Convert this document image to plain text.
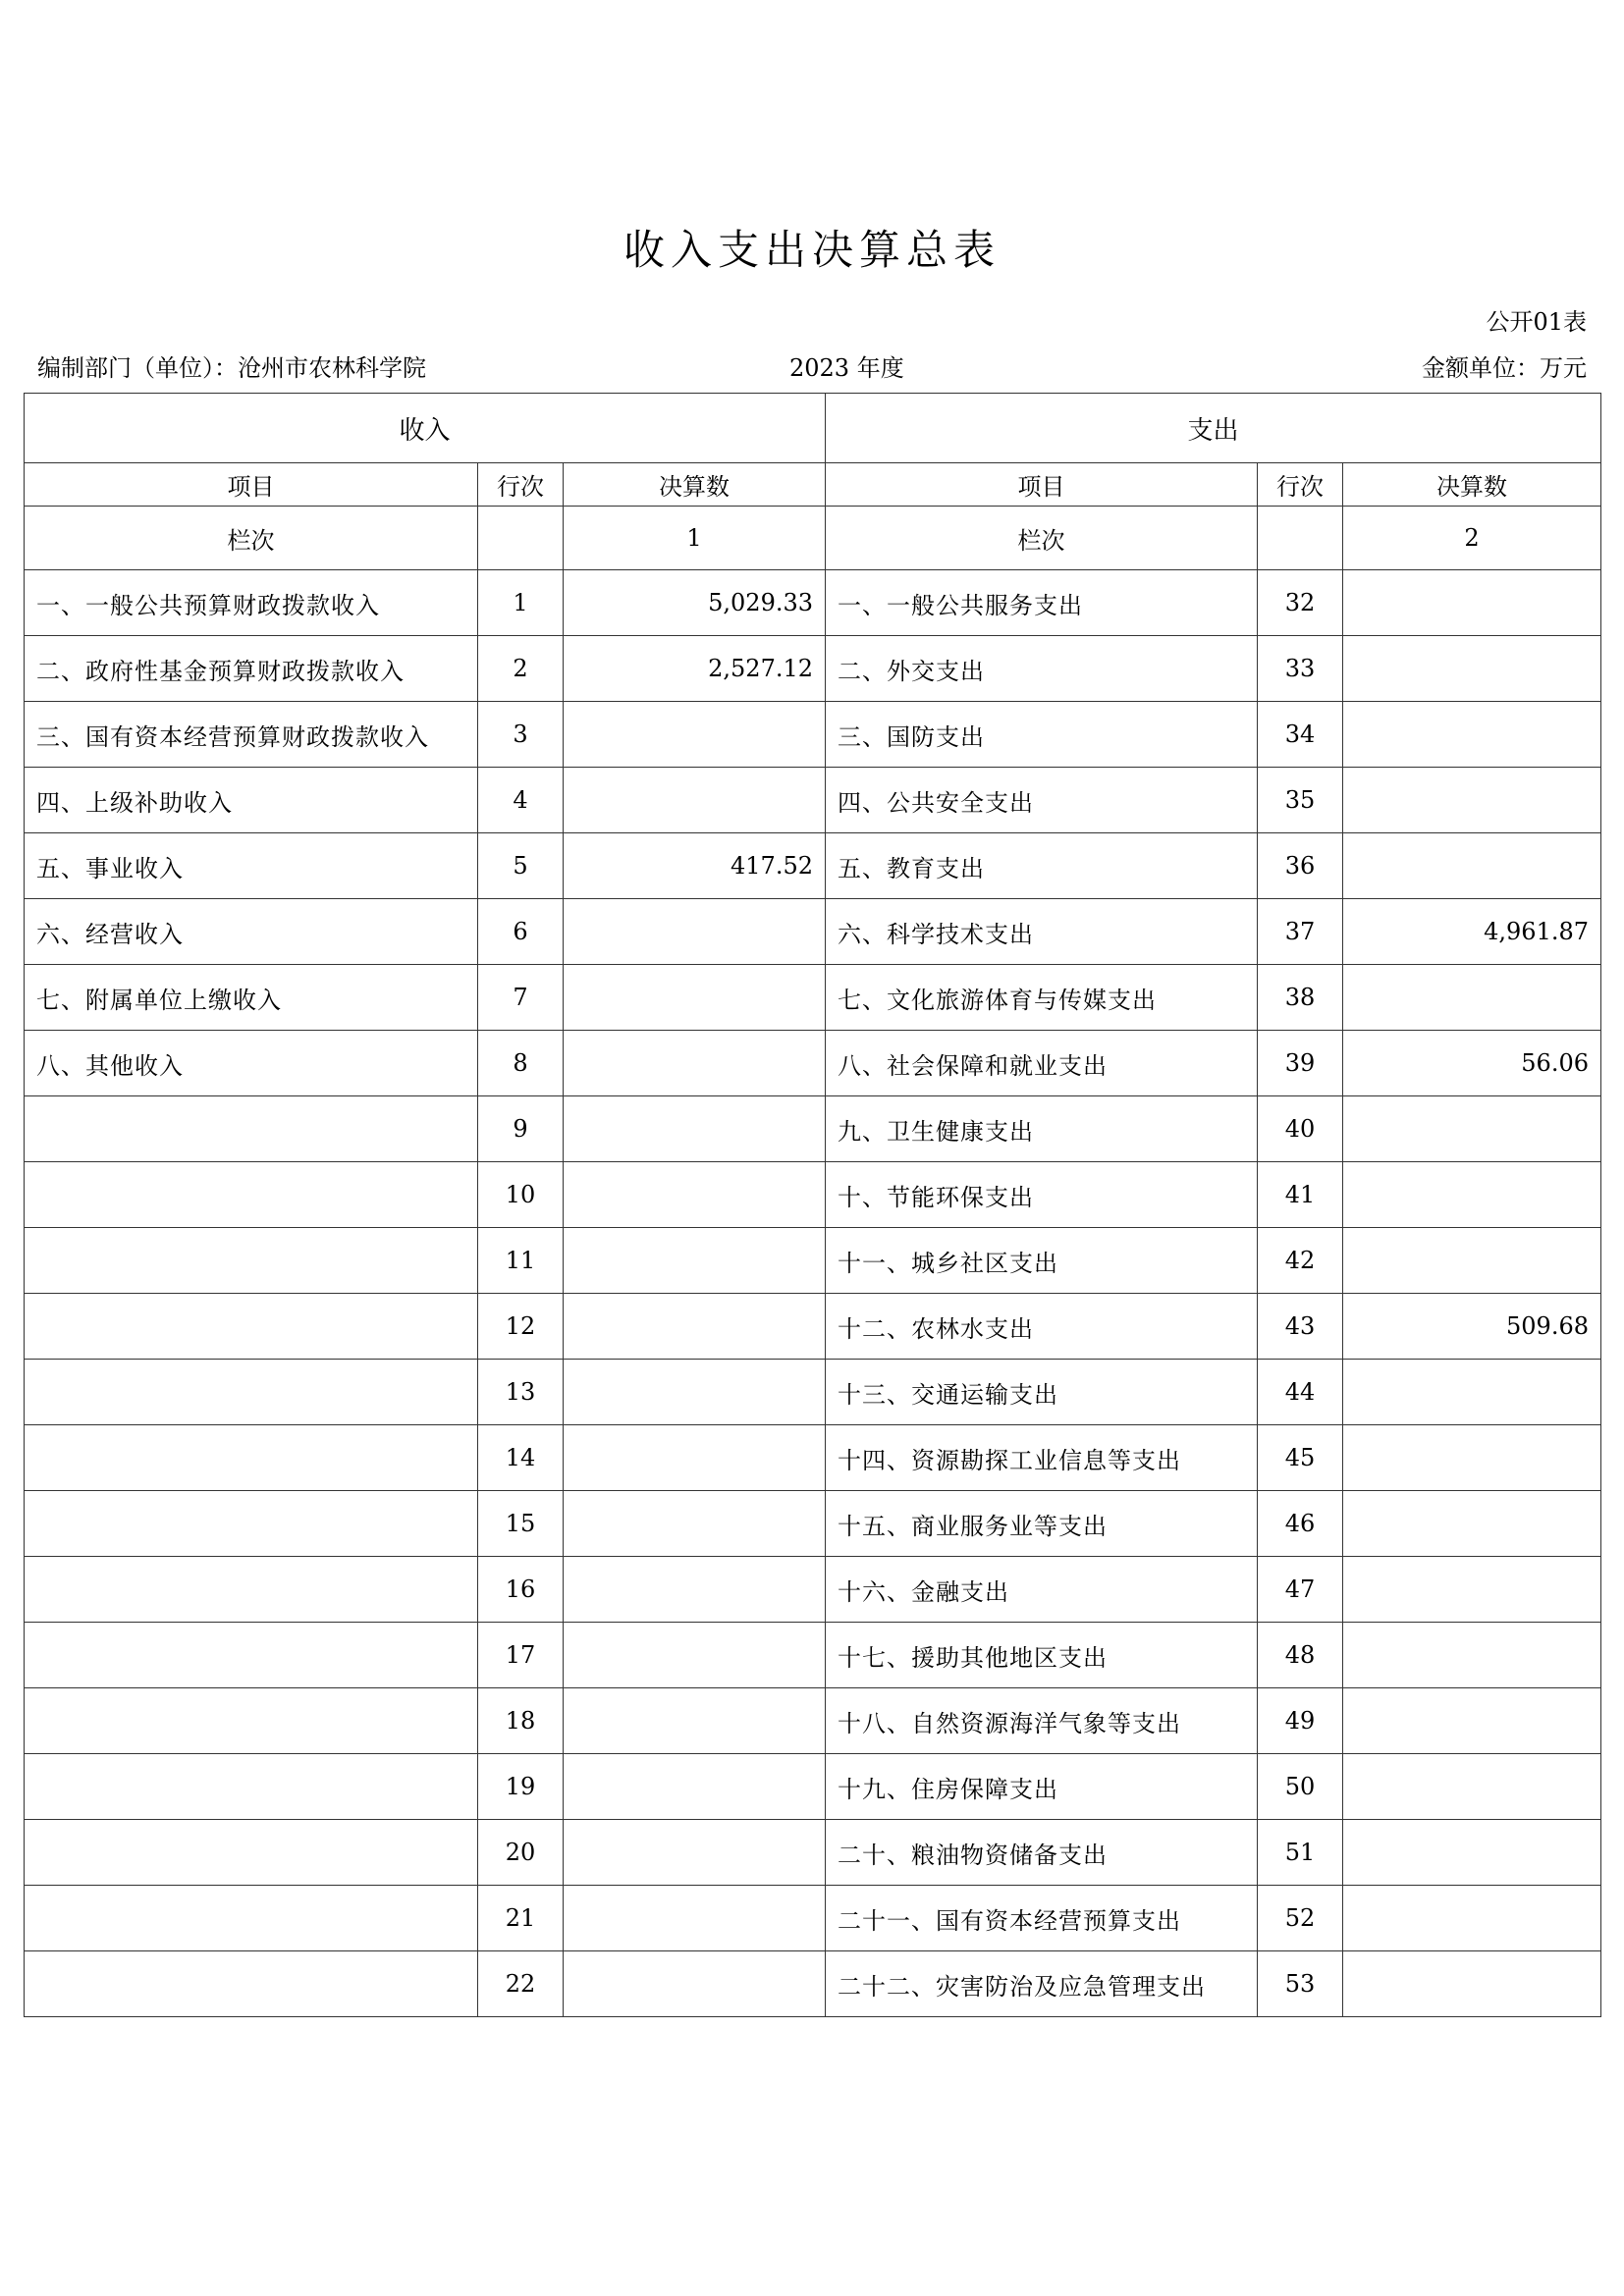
收入支出决算总表
公开01表
编制部门（单位）：沧州市农林科学院	2023 年度	金额单位：万元
收入			支出		
项目	行次	决算数	项目	行次	决算数
栏次		1	栏次		2
一、一般公共预算财政拨款收入	1	5,029.33	一、一般公共服务支出	32	
二、政府性基金预算财政拨款收入	2	2,527.12	二、外交支出	33	
三、国有资本经营预算财政拨款收入	3		三、国防支出	34	
四、上级补助收入	4		四、公共安全支出	35	
五、事业收入	5	417.52	五、教育支出	36	
六、经营收入	6		六、科学技术支出	37	4,961.87
七、附属单位上缴收入	7		七、文化旅游体育与传媒支出	38	
八、其他收入	8		八、社会保障和就业支出	39	56.06
	9		九、卫生健康支出	40	
	10		十、节能环保支出	41	
	11		十一、城乡社区支出	42	
	12		十二、农林水支出	43	509.68
	13		十三、交通运输支出	44	
	14		十四、资源勘探工业信息等支出	45	
	15		十五、商业服务业等支出	46	
	16		十六、金融支出	47	
	17		十七、援助其他地区支出	48	
	18		十八、自然资源海洋气象等支出	49	
	19		十九、住房保障支出	50	
	20		二十、粮油物资储备支出	51	
	21		二十一、国有资本经营预算支出	52	
	22		二十二、灾害防治及应急管理支出	53	
